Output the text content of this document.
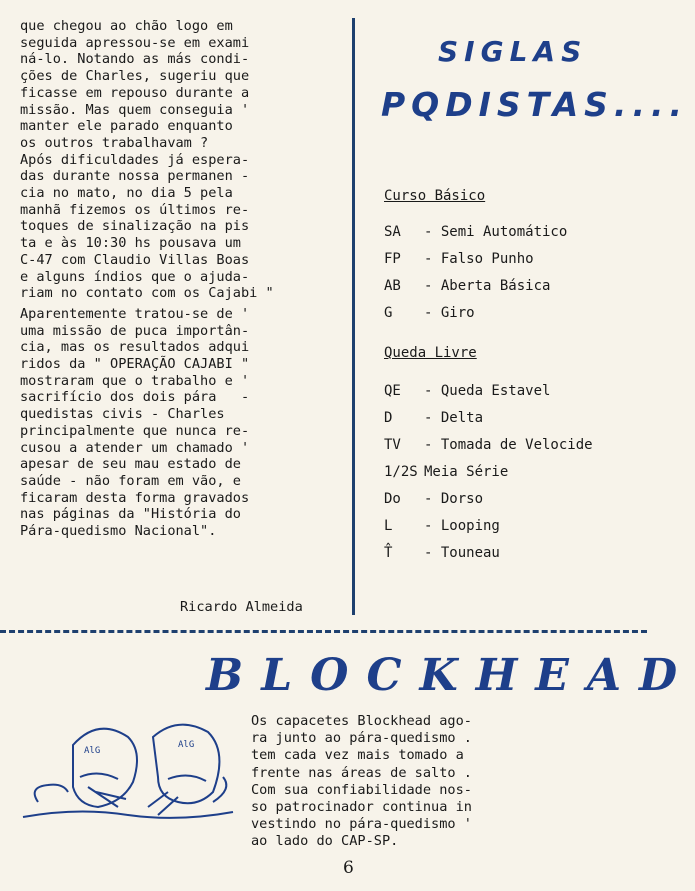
que chegou ao chão logo em
seguida apressou-se em exami
ná-lo. Notando as más condi-
ções de Charles, sugeriu que
ficasse em repouso durante a
missão. Mas quem conseguia '
manter ele parado enquanto
os outros trabalhavam ?
Após dificuldades já espera-
das durante nossa permanen -
cia no mato, no dia 5 pela
manhã fizemos os últimos re-
toques de sinalização na pis
ta e às 10:30 hs pousava um
C-47 com Claudio Villas Boas
e alguns índios que o ajuda-
riam no contato com os Cajabi "

Aparentemente tratou-se de '
uma missão de puca importân-
cia, mas os resultados adqui
ridos da " OPERAÇÃO CAJABI "
mostraram que o trabalho e '
sacrifício dos dois pára   -
quedistas civis - Charles
principalmente que nunca re-
cusou a atender um chamado '
apesar de seu mau estado de
saúde - não foram em vão, e
ficaram desta forma gravados
nas páginas da "História do
Pára-quedismo Nacional".

Ricardo Almeida
SIGLAS
PQDISTAS....
Curso Básico
SA - Semi Automático
FP - Falso Punho
AB - Aberta Básica
G - Giro
Queda Livre
QE - Queda Estavel
D - Delta
TV - Tomada de Velocide
1/2S Meia Série
Do - Dorso
L - Looping
T̂ - Touneau
BLOCKHEAD
AlG
AlG
Os capacetes Blockhead ago-
ra junto ao pára-quedismo .
tem cada vez mais tomado a
frente nas áreas de salto .
Com sua confiabilidade nos-
so patrocinador continua in
vestindo no pára-quedismo '
ao lado do CAP-SP.
6
